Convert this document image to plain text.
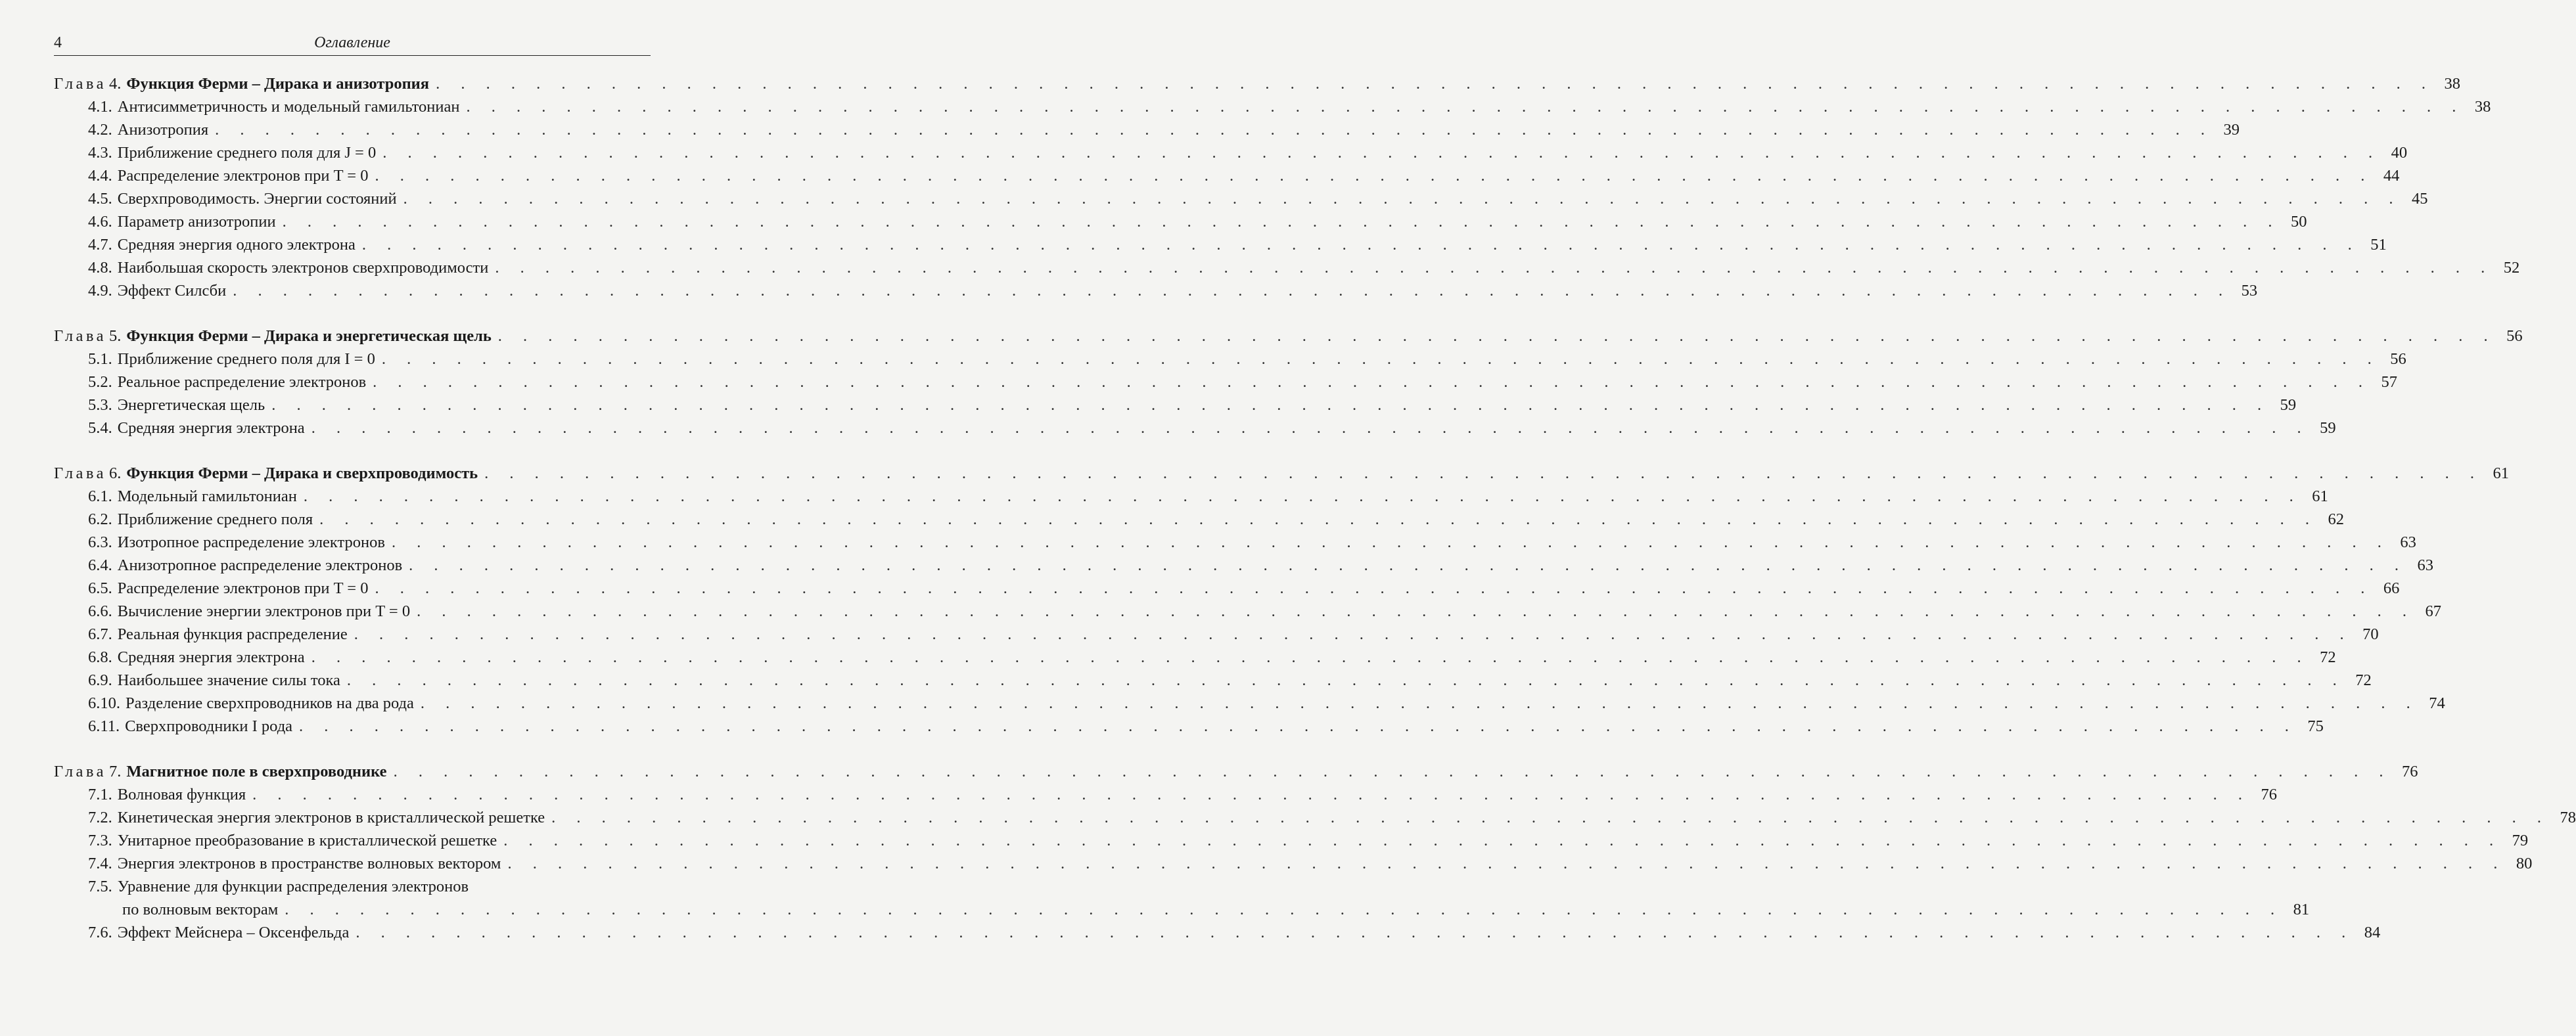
4	Оглавление
Глава 4. Функция Ферми – Дирака и анизотропия . . . . . . . . . . . . . . . . . . . . . . . . . . . . . . . . . . . . . . . . . . . . . . . . . . . . . . . . . . . . . . . . . . . . . . . . . . . . . . . . 38
4.1. Антисимметричность и модельный гамильтониан . . . . . . . . . . . . . . . . . . . . . . . . . . . . . . . . . . . . . . . . . . . . . . . . . . . . . . . . . . . . . . . . . . . . . . . . . . . . . . . . 38
4.2. Анизотропия . . . . . . . . . . . . . . . . . . . . . . . . . . . . . . . . . . . . . . . . . . . . . . . . . . . . . . . . . . . . . . . . . . . . . . . . . . . . . . . . 39
4.3. Приближение среднего поля для J = 0 . . . . . . . . . . . . . . . . . . . . . . . . . . . . . . . . . . . . . . . . . . . . . . . . . . . . . . . . . . . . . . . . . . . . . . . . . . . . . . . . 40
4.4. Распределение электронов при T = 0 . . . . . . . . . . . . . . . . . . . . . . . . . . . . . . . . . . . . . . . . . . . . . . . . . . . . . . . . . . . . . . . . . . . . . . . . . . . . . . . . 44
4.5. Сверхпроводимость. Энергии состояний . . . . . . . . . . . . . . . . . . . . . . . . . . . . . . . . . . . . . . . . . . . . . . . . . . . . . . . . . . . . . . . . . . . . . . . . . . . . . . . . 45
4.6. Параметр анизотропии . . . . . . . . . . . . . . . . . . . . . . . . . . . . . . . . . . . . . . . . . . . . . . . . . . . . . . . . . . . . . . . . . . . . . . . . . . . . . . . . 50
4.7. Средняя энергия одного электрона . . . . . . . . . . . . . . . . . . . . . . . . . . . . . . . . . . . . . . . . . . . . . . . . . . . . . . . . . . . . . . . . . . . . . . . . . . . . . . . . 51
4.8. Наибольшая скорость электронов сверхпроводимости . . . . . . . . . . . . . . . . . . . . . . . . . . . . . . . . . . . . . . . . . . . . . . . . . . . . . . . . . . . . . . . . . . . . . . . . . . . . . . . . 52
4.9. Эффект Силсби . . . . . . . . . . . . . . . . . . . . . . . . . . . . . . . . . . . . . . . . . . . . . . . . . . . . . . . . . . . . . . . . . . . . . . . . . . . . . . . . 53
Глава 5. Функция Ферми – Дирака и энергетическая щель . . . . . . . . . . . . . . . . . . . . . . . . . . . . . . . . . . . . . . . . . . . . . . . . . . . . . . . . . . . . . . . . . . . . . . . . . . . . . . . . 56
5.1. Приближение среднего поля для I = 0 . . . . . . . . . . . . . . . . . . . . . . . . . . . . . . . . . . . . . . . . . . . . . . . . . . . . . . . . . . . . . . . . . . . . . . . . . . . . . . . . 56
5.2. Реальное распределение электронов . . . . . . . . . . . . . . . . . . . . . . . . . . . . . . . . . . . . . . . . . . . . . . . . . . . . . . . . . . . . . . . . . . . . . . . . . . . . . . . . 57
5.3. Энергетическая щель . . . . . . . . . . . . . . . . . . . . . . . . . . . . . . . . . . . . . . . . . . . . . . . . . . . . . . . . . . . . . . . . . . . . . . . . . . . . . . . . 59
5.4. Средняя энергия электрона . . . . . . . . . . . . . . . . . . . . . . . . . . . . . . . . . . . . . . . . . . . . . . . . . . . . . . . . . . . . . . . . . . . . . . . . . . . . . . . . 59
Глава 6. Функция Ферми – Дирака и сверхпроводимость . . . . . . . . . . . . . . . . . . . . . . . . . . . . . . . . . . . . . . . . . . . . . . . . . . . . . . . . . . . . . . . . . . . . . . . . . . . . . . . . 61
6.1. Модельный гамильтониан . . . . . . . . . . . . . . . . . . . . . . . . . . . . . . . . . . . . . . . . . . . . . . . . . . . . . . . . . . . . . . . . . . . . . . . . . . . . . . . . 61
6.2. Приближение среднего поля . . . . . . . . . . . . . . . . . . . . . . . . . . . . . . . . . . . . . . . . . . . . . . . . . . . . . . . . . . . . . . . . . . . . . . . . . . . . . . . . 62
6.3. Изотропное распределение электронов . . . . . . . . . . . . . . . . . . . . . . . . . . . . . . . . . . . . . . . . . . . . . . . . . . . . . . . . . . . . . . . . . . . . . . . . . . . . . . . . 63
6.4. Анизотропное распределение электронов . . . . . . . . . . . . . . . . . . . . . . . . . . . . . . . . . . . . . . . . . . . . . . . . . . . . . . . . . . . . . . . . . . . . . . . . . . . . . . . . 63
6.5. Распределение электронов при T = 0 . . . . . . . . . . . . . . . . . . . . . . . . . . . . . . . . . . . . . . . . . . . . . . . . . . . . . . . . . . . . . . . . . . . . . . . . . . . . . . . . 66
6.6. Вычисление энергии электронов при T = 0 . . . . . . . . . . . . . . . . . . . . . . . . . . . . . . . . . . . . . . . . . . . . . . . . . . . . . . . . . . . . . . . . . . . . . . . . . . . . . . . . 67
6.7. Реальная функция распределение . . . . . . . . . . . . . . . . . . . . . . . . . . . . . . . . . . . . . . . . . . . . . . . . . . . . . . . . . . . . . . . . . . . . . . . . . . . . . . . . 70
6.8. Средняя энергия электрона . . . . . . . . . . . . . . . . . . . . . . . . . . . . . . . . . . . . . . . . . . . . . . . . . . . . . . . . . . . . . . . . . . . . . . . . . . . . . . . . 72
6.9. Наибольшее значение силы тока . . . . . . . . . . . . . . . . . . . . . . . . . . . . . . . . . . . . . . . . . . . . . . . . . . . . . . . . . . . . . . . . . . . . . . . . . . . . . . . . 72
6.10. Разделение сверхпроводников на два рода . . . . . . . . . . . . . . . . . . . . . . . . . . . . . . . . . . . . . . . . . . . . . . . . . . . . . . . . . . . . . . . . . . . . . . . . . . . . . . . . 74
6.11. Сверхпроводники I рода . . . . . . . . . . . . . . . . . . . . . . . . . . . . . . . . . . . . . . . . . . . . . . . . . . . . . . . . . . . . . . . . . . . . . . . . . . . . . . . . 75
Глава 7. Магнитное поле в сверхпроводнике . . . . . . . . . . . . . . . . . . . . . . . . . . . . . . . . . . . . . . . . . . . . . . . . . . . . . . . . . . . . . . . . . . . . . . . . . . . . . . . . 76
7.1. Волновая функция . . . . . . . . . . . . . . . . . . . . . . . . . . . . . . . . . . . . . . . . . . . . . . . . . . . . . . . . . . . . . . . . . . . . . . . . . . . . . . . . 76
7.2. Кинетическая энергия электронов в кристаллической решетке . . . . . . . . . . . . . . . . . . . . . . . . . . . . . . . . . . . . . . . . . . . . . . . . . . . . . . . . . . . . . . . . . . . . . . . . . . . . . . . . 78
7.3. Унитарное преобразование в кристаллической решетке . . . . . . . . . . . . . . . . . . . . . . . . . . . . . . . . . . . . . . . . . . . . . . . . . . . . . . . . . . . . . . . . . . . . . . . . . . . . . . . . 79
7.4. Энергия электронов в пространстве волновых вектором . . . . . . . . . . . . . . . . . . . . . . . . . . . . . . . . . . . . . . . . . . . . . . . . . . . . . . . . . . . . . . . . . . . . . . . . . . . . . . . . 80
7.5. Уравнение для функции распределения электронов
по волновым векторам . . . . . . . . . . . . . . . . . . . . . . . . . . . . . . . . . . . . . . . . . . . . . . . . . . . . . . . . . . . . . . . . . . . . . . . . . . . . . . . . 81
7.6. Эффект Мейснера – Оксенфельда . . . . . . . . . . . . . . . . . . . . . . . . . . . . . . . . . . . . . . . . . . . . . . . . . . . . . . . . . . . . . . . . . . . . . . . . . . . . . . . . 84
